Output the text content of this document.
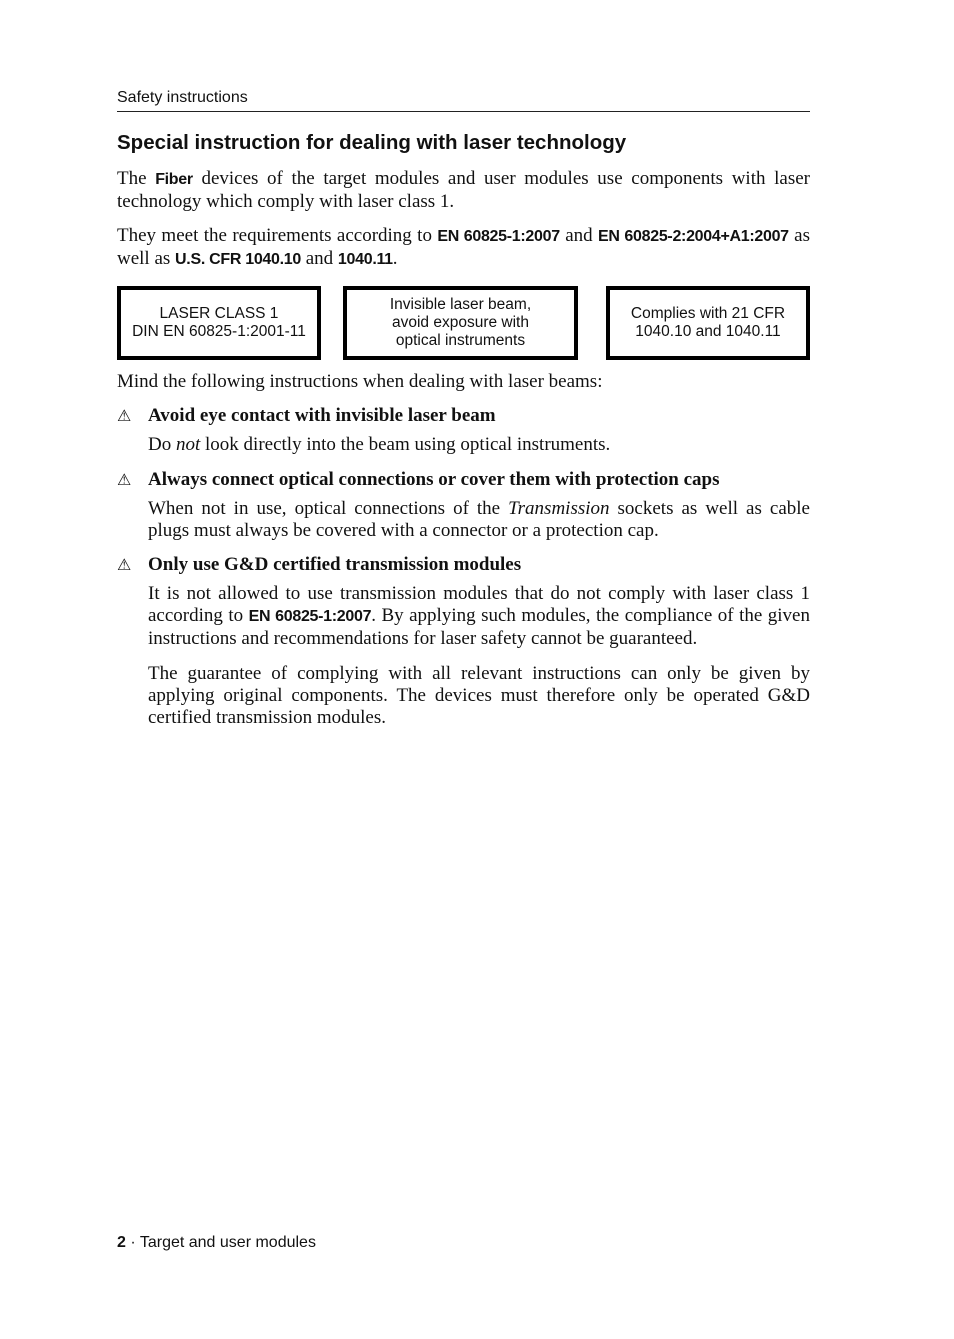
Safety instructions
Special instruction for dealing with laser technology

The Fiber devices of the target modules and user modules use components with laser technology which comply with laser class 1.

They meet the requirements according to EN 60825-1:2007 and EN 60825-2:2004+A1:2007 as well as U.S. CFR 1040.10 and 1040.11.

LASER CLASS 1
DIN EN 60825-1:2001-11
Invisible laser beam,
avoid exposure with
optical instruments
Complies with 21 CFR
1040.10 and 1040.11

Mind the following instructions when dealing with laser beams:

⚠ Avoid eye contact with invisible laser beam

Do not look directly into the beam using optical instruments.

⚠ Always connect optical connections or cover them with protection caps

When not in use, optical connections of the Transmission sockets as well as cable plugs must always be covered with a connector or a protection cap.

⚠ Only use G&D certified transmission modules

It is not allowed to use transmission modules that do not comply with laser class 1 according to EN 60825-1:2007. By applying such modules, the compliance of the given instructions and recommendations for laser safety cannot be guaranteed.

The guarantee of complying with all relevant instructions can only be given by applying original components. The devices must therefore only be operated G&D certified transmission modules.

2 · Target and user modules
